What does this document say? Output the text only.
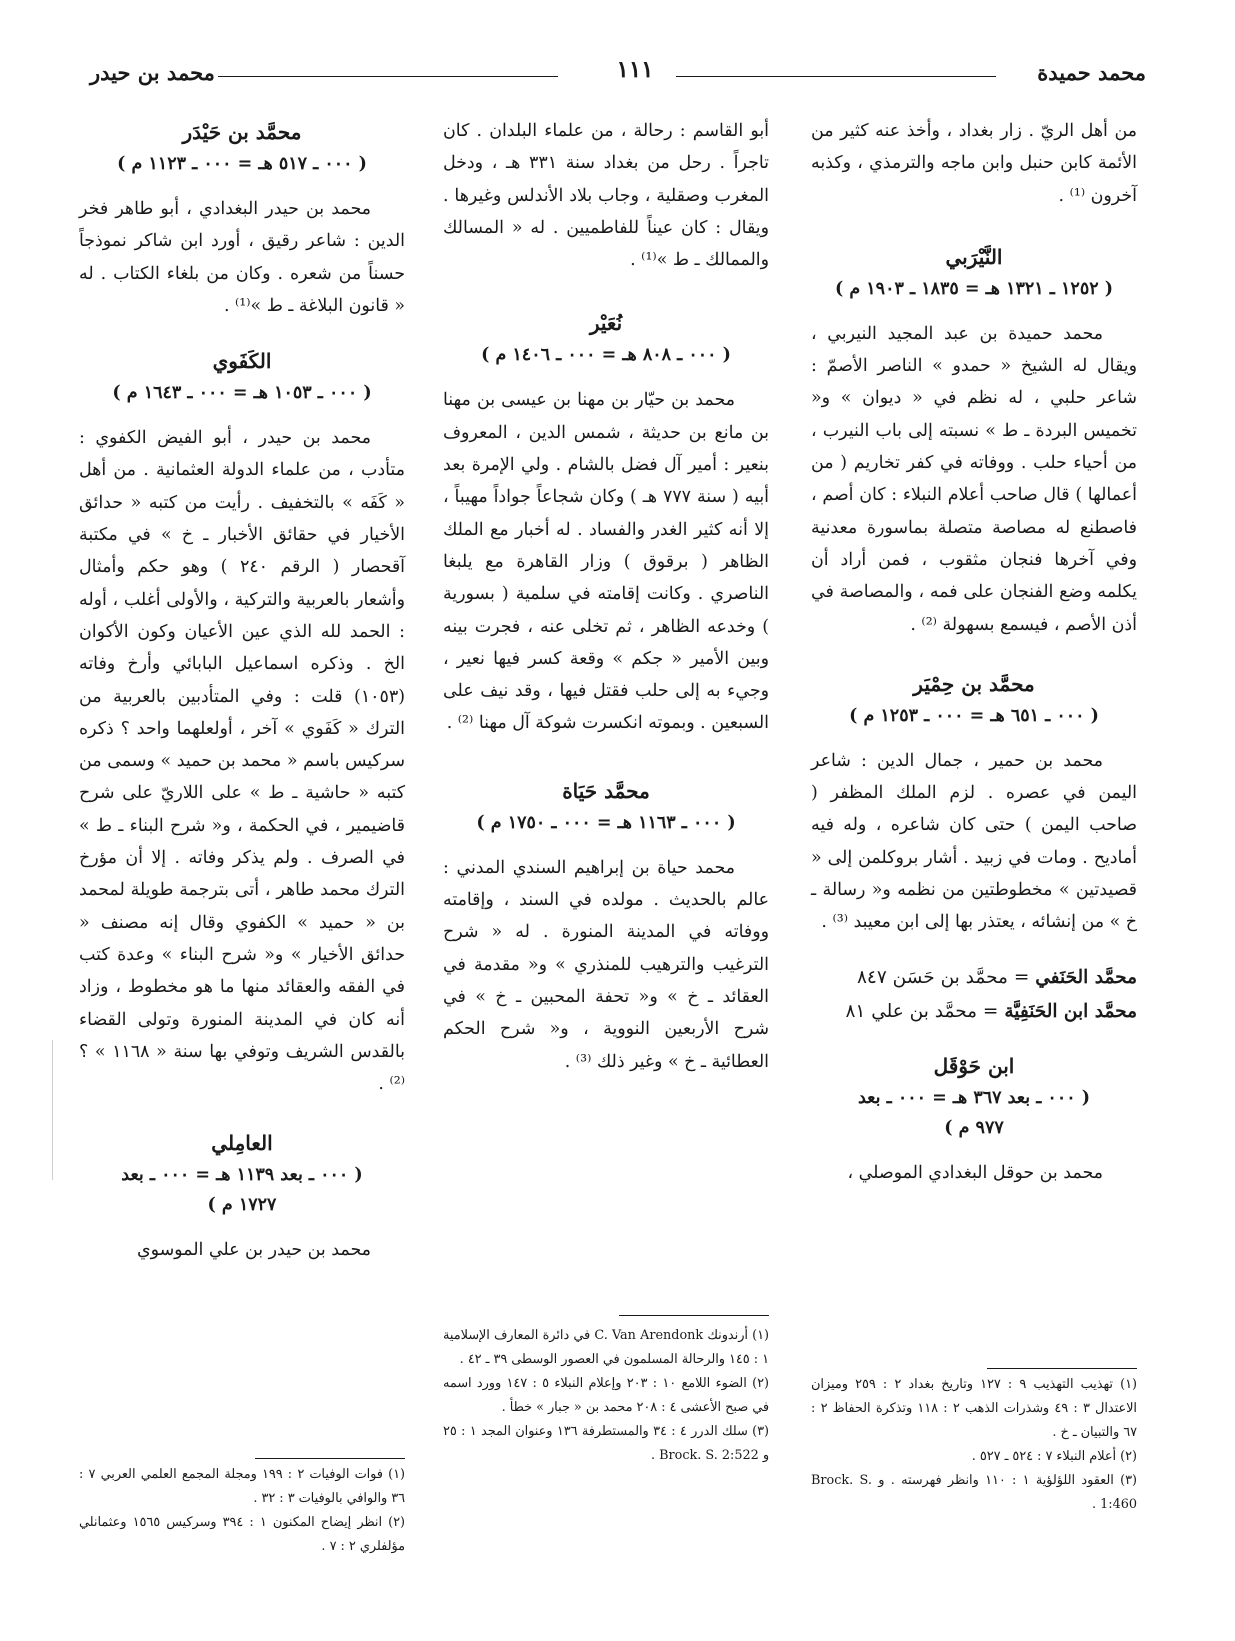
محمد حميدة
١١١
محمد بن حيدر

من أهل الريّ . زار بغداد ، وأخذ عنه كثير من الأئمة كابن حنبل وابن ماجه والترمذي ، وكذبه آخرون ⁽¹⁾ .

النَّيْرَبي

( ١٢٥٢ ـ ١٣٢١ هـ = ١٨٣٥ ـ ١٩٠٣ م )

محمد حميدة بن عبد المجيد النيربي ، ويقال له الشيخ « حمدو » الناصر الأصمّ : شاعر حلبي ، له نظم في « ديوان » و« تخميس البردة ـ ط » نسبته إلى باب النيرب ، من أحياء حلب . ووفاته في كفر تخاريم ( من أعمالها ) قال صاحب أعلام النبلاء : كان أصم ، فاصطنع له مصاصة متصلة بماسورة معدنية وفي آخرها فنجان مثقوب ، فمن أراد أن يكلمه وضع الفنجان على فمه ، والمصاصة في أذن الأصم ، فيسمع بسهولة ⁽²⁾ .

محمَّد بن حِمْيَر

( ٠٠٠ ـ ٦٥١ هـ = ٠٠٠ ـ ١٢٥٣ م )

محمد بن حمير ، جمال الدين : شاعر اليمن في عصره . لزم الملك المظفر ( صاحب اليمن ) حتى كان شاعره ، وله فيه أماديح . ومات في زبيد . أشار بروكلمن إلى « قصيدتين » مخطوطتين من نظمه و« رسالة ـ خ » من إنشائه ، يعتذر بها إلى ابن معيبد ⁽³⁾ .

محمَّد الحَنَفي = محمَّد بن حَسَن ٨٤٧

محمَّد ابن الحَنَفِيَّة = محمَّد بن علي ٨١

ابن حَوْقَل

( ٠٠٠ ـ بعد ٣٦٧ هـ = ٠٠٠ ـ بعد

٩٧٧ م )

محمد بن حوقل البغدادي الموصلي ،

(١) تهذيب التهذيب ٩ : ١٢٧ وتاريخ بغداد ٢ : ٢٥٩ وميزان الاعتدال ٣ : ٤٩ وشذرات الذهب ٢ : ١١٨ وتذكرة الحفاظ ٢ : ٦٧ والتبيان ـ خ .

(٢) أعلام النبلاء ٧ : ٥٢٤ ـ ٥٢٧ .

(٣) العقود اللؤلؤية ١ : ١١٠ وانظر فهرسته . و Brock. S. 1:460 .

أبو القاسم : رحالة ، من علماء البلدان . كان تاجراً . رحل من بغداد سنة ٣٣١ هـ ، ودخل المغرب وصقلية ، وجاب بلاد الأندلس وغيرها . ويقال : كان عيناً للفاطميين . له « المسالك والممالك ـ ط »⁽¹⁾ .

نُعَيْر

( ٠٠٠ ـ ٨٠٨ هـ = ٠٠٠ ـ ١٤٠٦ م )

محمد بن حيّار بن مهنا بن عيسى بن مهنا بن مانع بن حديثة ، شمس الدين ، المعروف بنعير : أمير آل فضل بالشام . ولي الإمرة بعد أبيه ( سنة ٧٧٧ هـ ) وكان شجاعاً جواداً مهيباً ، إلا أنه كثير الغدر والفساد . له أخبار مع الملك الظاهر ( برقوق ) وزار القاهرة مع يلبغا الناصري . وكانت إقامته في سلمية ( بسورية ) وخدعه الظاهر ، ثم تخلى عنه ، فجرت بينه وبين الأمير « جكم » وقعة كسر فيها نعير ، وجيء به إلى حلب فقتل فيها ، وقد نيف على السبعين . وبموته انكسرت شوكة آل مهنا ⁽²⁾ .

محمَّد حَيَاة

( ٠٠٠ ـ ١١٦٣ هـ = ٠٠٠ ـ ١٧٥٠ م )

محمد حياة بن إبراهيم السندي المدني : عالم بالحديث . مولده في السند ، وإقامته ووفاته في المدينة المنورة . له « شرح الترغيب والترهيب للمنذري » و« مقدمة في العقائد ـ خ » و« تحفة المحبين ـ خ » في شرح الأربعين النووية ، و« شرح الحكم العطائية ـ خ » وغير ذلك ⁽³⁾ .

(١) أرندونك C. Van Arendonk في دائرة المعارف الإسلامية ١ : ١٤٥ والرحالة المسلمون في العصور الوسطى ٣٩ ـ ٤٢ .

(٢) الضوء اللامع ١٠ : ٢٠٣ وإعلام النبلاء ٥ : ١٤٧ وورد اسمه في صبح الأعشى ٤ : ٢٠٨ محمد بن « جبار » خطأ .

(٣) سلك الدرر ٤ : ٣٤ والمستطرفة ١٣٦ وعنوان المجد ١ : ٢٥ و Brock. S. 2:522 .

محمَّد بن حَيْدَر

( ٠٠٠ ـ ٥١٧ هـ = ٠٠٠ ـ ١١٢٣ م )

محمد بن حيدر البغدادي ، أبو طاهر فخر الدين : شاعر رقيق ، أورد ابن شاكر نموذجاً حسناً من شعره . وكان من بلغاء الكتاب . له « قانون البلاغة ـ ط »⁽¹⁾ .

الكَفَوي

( ٠٠٠ ـ ١٠٥٣ هـ = ٠٠٠ ـ ١٦٤٣ م )

محمد بن حيدر ، أبو الفيض الكفوي : متأدب ، من علماء الدولة العثمانية . من أهل « كَفَه » بالتخفيف . رأيت من كتبه « حدائق الأخيار في حقائق الأخبار ـ خ » في مكتبة آقحصار ( الرقم ٢٤٠ ) وهو حكم وأمثال وأشعار بالعربية والتركية ، والأولى أغلب ، أوله : الحمد لله الذي عين الأعيان وكون الأكوان الخ . وذكره اسماعيل البابائي وأرخ وفاته (١٠٥٣) قلت : وفي المتأدبين بالعربية من الترك « كَفَوي » آخر ، أولعلهما واحد ؟ ذكره سركيس باسم « محمد بن حميد » وسمى من كتبه « حاشية ـ ط » على اللاريّ على شرح قاضيمير ، في الحكمة ، و« شرح البناء ـ ط » في الصرف . ولم يذكر وفاته . إلا أن مؤرخ الترك محمد طاهر ، أتى بترجمة طويلة لمحمد بن « حميد » الكفوي وقال إنه مصنف « حدائق الأخيار » و« شرح البناء » وعدة كتب في الفقه والعقائد منها ما هو مخطوط ، وزاد أنه كان في المدينة المنورة وتولى القضاء بالقدس الشريف وتوفي بها سنة « ١١٦٨ » ؟ ⁽²⁾ .

العامِلي

( ٠٠٠ ـ بعد ١١٣٩ هـ = ٠٠٠ ـ بعد

١٧٢٧ م )

محمد بن حيدر بن علي الموسوي

(١) فوات الوفيات ٢ : ١٩٩ ومجلة المجمع العلمي العربي ٧ : ٣٦ والوافي بالوفيات ٣ : ٣٢ .

(٢) انظر إيضاح المكنون ١ : ٣٩٤ وسركيس ١٥٦٥ وعثمانلي مؤلفلري ٢ : ٧ .
